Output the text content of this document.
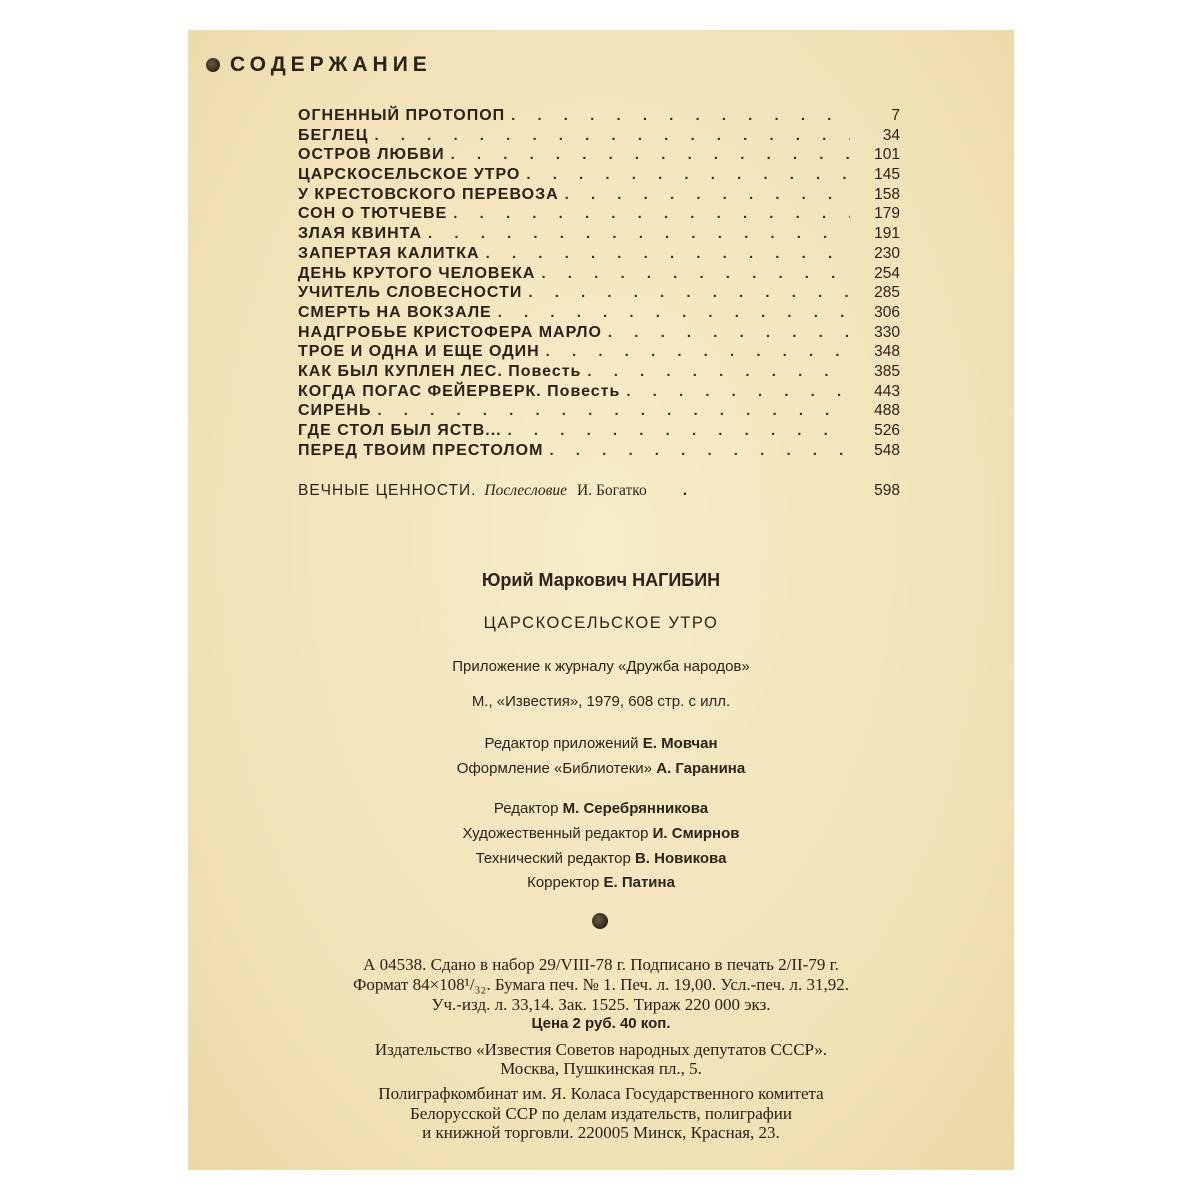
СОДЕРЖАНИЕ
ОГНЕННЫЙ ПРОТОПОП . . .	7
БЕГЛЕЦ . . .	34
ОСТРОВ ЛЮБВИ . . .	101
ЦАРСКОСЕЛЬСКОЕ УТРО . . .	145
У КРЕСТОВСКОГО ПЕРЕВОЗА . . .	158
СОН О ТЮТЧЕВЕ . . .	179
ЗЛАЯ КВИНТА . . .	191
ЗАПЕРТАЯ КАЛИТКА . . .	230
ДЕНЬ КРУТОГО ЧЕЛОВЕКА . . .	254
УЧИТЕЛЬ СЛОВЕСНОСТИ . . .	285
СМЕРТЬ НА ВОКЗАЛЕ . . .	306
НАДГРОБЬЕ КРИСТОФЕРА МАРЛО . . .	330
ТРОЕ И ОДНА И ЕЩЕ ОДИН . . .	348
КАК БЫЛ КУПЛЕН ЛЕС. Повесть . . .	385
КОГДА ПОГАС ФЕЙЕРВЕРК. Повесть . . .	443
СИРЕНЬ . . .	488
ГДЕ СТОЛ БЫЛ ЯСТВ... . . .	526
ПЕРЕД ТВОИМ ПРЕСТОЛОМ . . .	548
ВЕЧНЫЕ ЦЕННОСТИ. Послесловие И. Богатко .	598
Юрий Маркович НАГИБИН
ЦАРСКОСЕЛЬСКОЕ УТРО
Приложение к журналу «Дружба народов»
М., «Известия», 1979, 608 стр. с илл.
Редактор приложений Е. Мовчан
Оформление «Библиотеки» А. Гаранина
Редактор М. Серебрянникова
Художественный редактор И. Смирнов
Технический редактор В. Новикова
Корректор Е. Патина
А 04538. Сдано в набор 29/VIII-78 г. Подписано в печать 2/II-79 г.
Формат 84×108¹/₃₂. Бумага печ. № 1. Печ. л. 19,00. Усл.-печ. л. 31,92.
Уч.-изд. л. 33,14. Зак. 1525. Тираж 220 000 экз.
Цена 2 руб. 40 коп.
Издательство «Известия Советов народных депутатов СССР».
Москва, Пушкинская пл., 5.
Полиграфкомбинат им. Я. Коласа Государственного комитета
Белорусской ССР по делам издательств, полиграфии
и книжной торговли. 220005 Минск, Красная, 23.
